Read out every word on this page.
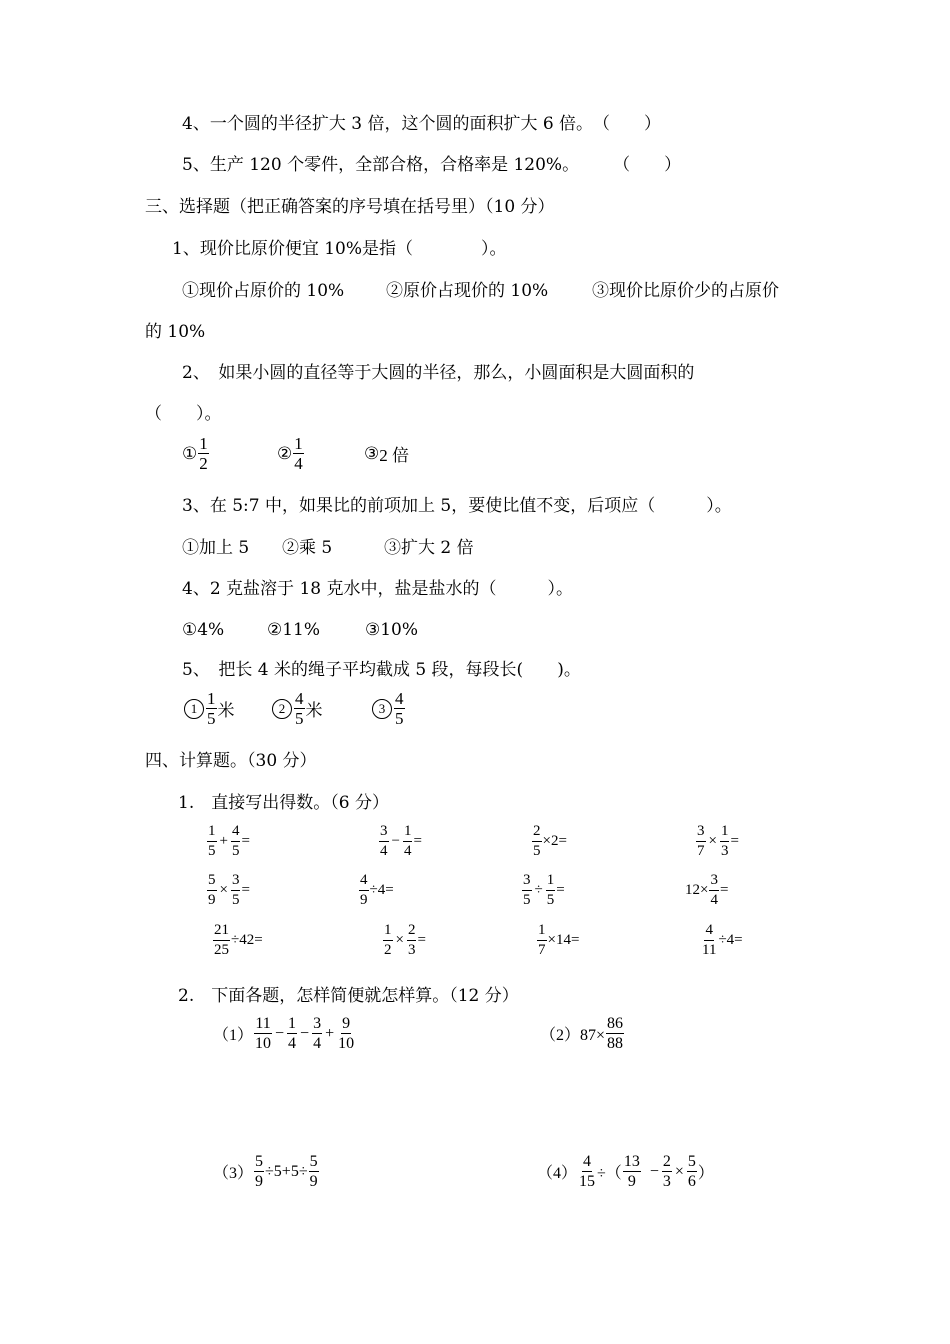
4、一个圆的半径扩大 3 倍，这个圆的面积扩大 6 倍。　（　　）
5、生产 120 个零件，全部合格，合格率是 120%。　　　（　　）
三、选择题（把正确答案的序号填在括号里）（10 分）
1、现价比原价便宜 10%是指（　　　　）。
①现价占原价的 10% ②原价占现价的 10%	③现价比原价少的占原价
的 10%
2、　如果小圆的直径等于大圆的半径，那么，小圆面积是大圆面积的
（　　）。
① $\frac{1}{2}$	② $\frac{1}{4}$	③ 2 倍
3、在 5:7 中，如果比的前项加上 5，要使比值不变，后项应（　　　）。
①加上 5 ②乘 5	③扩大 2 倍
4、2 克盐溶于 18 克水中，盐是盐水的（　　　）。
①4%	②11%	③10%
5、　把长 4 米的绳子平均截成 5 段，每段长(　　)。
$1 \frac{1}{5}$ 米	$2 \frac{4}{5}$ 米	$3 \frac{4}{5}$
四、计算题。（30 分）
1.　直接写出得数。（6 分）
$\frac{1}{5} + \frac{4}{5}$ =	$\frac{3}{4} - \frac{1}{4}$ =	$\frac{2}{5} \times 2=$	$\frac{3}{7} \times \frac{1}{3}$ =
$\frac{5}{9} \times \frac{3}{5}$ =	$\frac{4}{9} \div 4=$	$\frac{3}{5} \div \frac{1}{5}$ =	$12\times \frac{3}{4}$ =
$\frac{21}{25} \div 42=$	$\frac{1}{2} \times \frac{2}{3}$ =	$\frac{1}{7} \times 14=$	$\frac{4}{11} \div 4=$
2.　下面各题，怎样简便就怎样算。（12 分）
$(1) \frac{11}{10} - \frac{1}{4} - \frac{3}{4} + \frac{9}{10}$	$(2)87\times \frac{86}{88}$
$(3) \frac{5}{9} \div 5+5\div \frac{5}{9}$	$(4) \frac{4}{15}$ ÷（ $\frac{13}{9} - \frac{2}{3} \times \frac{5}{6}$ ）
